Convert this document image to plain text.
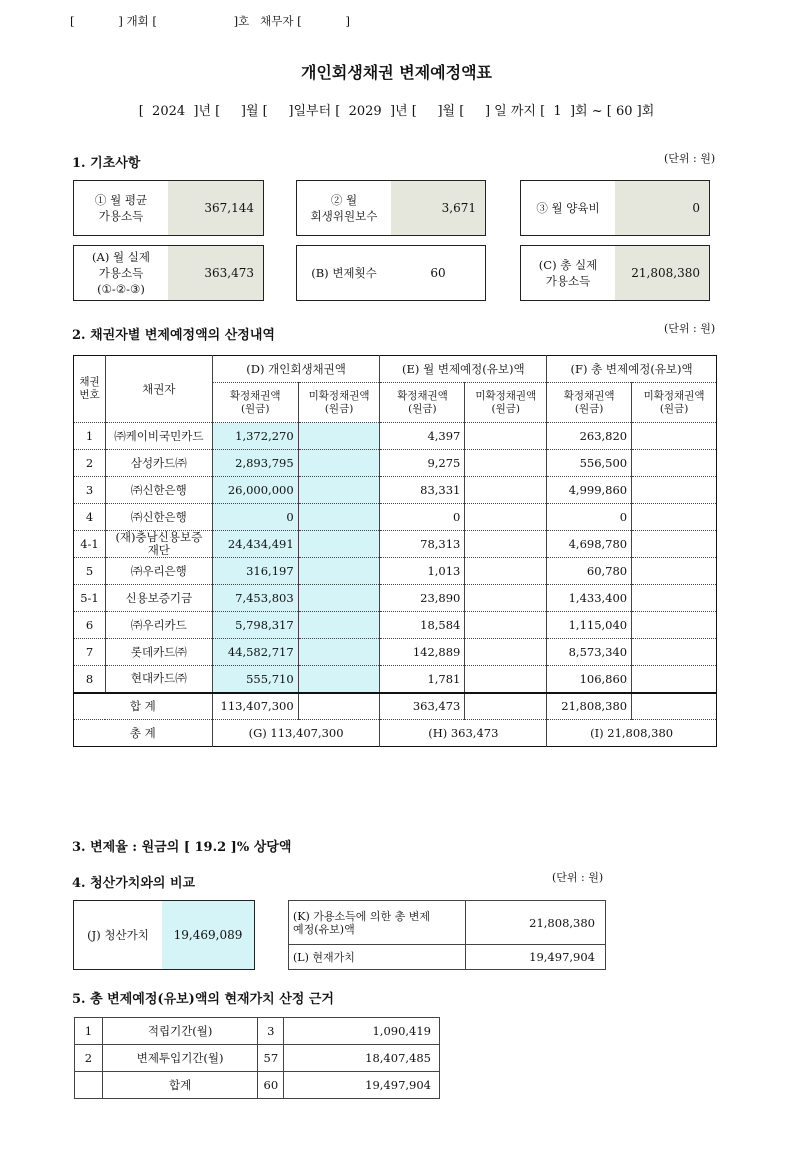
[            ] 개회 [                     ]호   채무자 [            ]
개인회생채권 변제예정액표
[  2024  ]년 [     ]월 [     ]일부터 [  2029  ]년 [     ]월 [     ] 일 까지 [  1  ]회 ~ [ 60 ]회
1. 기초사항	(단위 : 원)
① 월 평균
가용소득
367,144
② 월
회생위원보수
3,671	③ 월 양육비	0
(A) 월 실제
가용소득
(①-②-③)
363,473	(B) 변제횟수	60
(C) 총 실제
가용소득
21,808,380
2. 채권자별 변제예정액의 산정내역	(단위 : 원)
채권
번호	채권자	(D) 개인회생채권액		(E) 월 변제예정(유보)액		(F) 총 변제예정(유보)액	
		확정채권액
(원금)	미확정채권액
(원금)	확정채권액
(원금)	미확정채권액
(원금)	확정채권액
(원금)	미확정채권액
(원금)
1	㈜케이비국민카드	1,372,270		4,397		263,820	
2	삼성카드㈜	2,893,795		9,275		556,500	
3	㈜신한은행	26,000,000		83,331		4,999,860	
4	㈜신한은행	0		0		0	
4-1	(재)충남신용보증재단	24,434,491		78,313		4,698,780	
5	㈜우리은행	316,197		1,013		60,780	
5-1	신용보증기금	7,453,803		23,890		1,433,400	
6	㈜우리카드	5,798,317		18,584		1,115,040	
7	롯데카드㈜	44,582,717		142,889		8,573,340	
8	현대카드㈜	555,710		1,781		106,860	
합 계		113,407,300		363,473		21,808,380	
총 계		(G) 113,407,300		(H) 363,473		(I) 21,808,380	
3. 변제율 : 원금의 [ 19.2 ]% 상당액
4. 청산가치와의 비교	(단위 : 원)
(J) 청산가치	19,469,089
(K) 가용소득에 의한 총 변제
예정(유보)액	21,808,380
(L) 현재가치	19,497,904
5. 총 변제예정(유보)액의 현재가치 산정 근거
1	적립기간(월)	3	1,090,419
2	변제투입기간(월)	57	18,407,485
	합계	60	19,497,904
